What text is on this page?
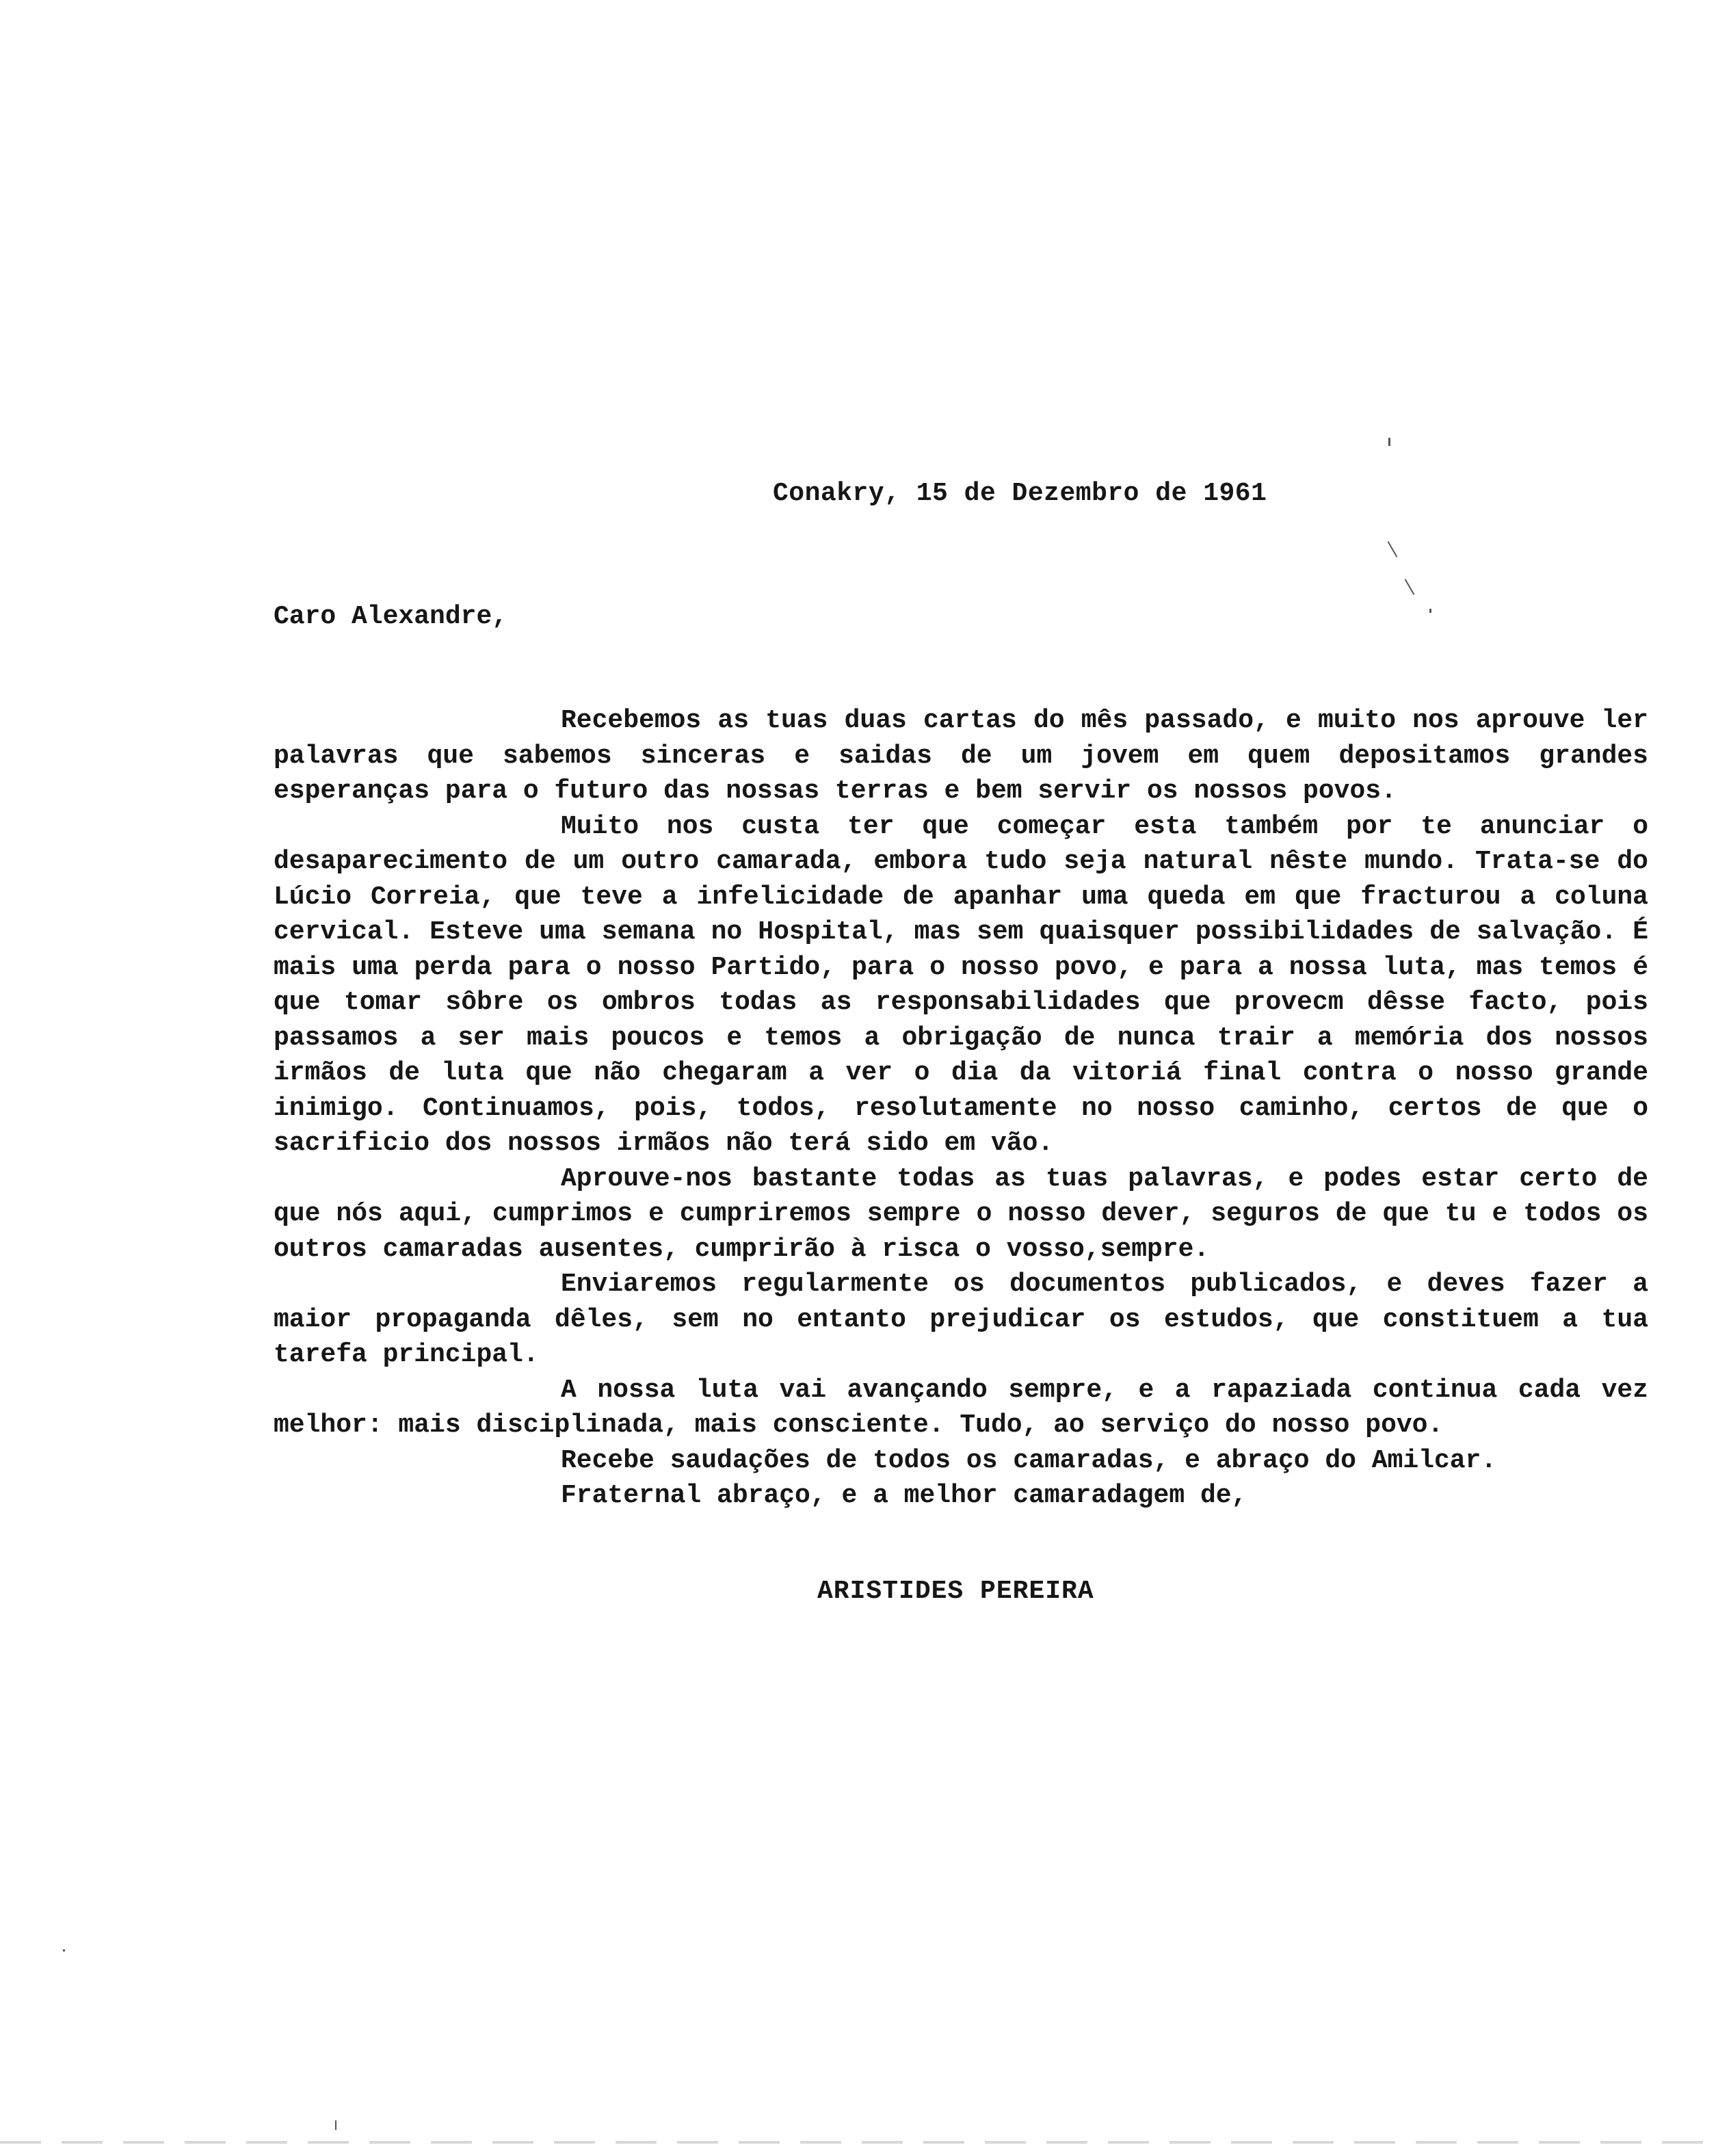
Conakry, 15 de Dezembro de 1961
Caro Alexandre,

Recebemos as tuas duas cartas do mês passado, e muito nos aprouve ler palavras que sabemos sinceras e saidas de um jovem em quem depositamos grandes esperanças para o futuro das nossas terras e bem servir os nossos povos.

Muito nos custa ter que começar esta também por te anunciar o desaparecimento de um outro camarada, embora tudo seja natural nêste mundo. Trata-se do Lúcio Correia, que teve a infelicidade de apanhar uma queda em que fracturou a coluna cervical. Esteve uma semana no Hospital, mas sem quaisquer possibilidades de salvação. É mais uma perda para o nosso Partido, para o nosso povo, e para a nossa luta, mas temos é que tomar sôbre os ombros todas as responsabilidades que provecm dêsse facto, pois passamos a ser mais poucos e temos a obrigação de nunca trair a memória dos nossos irmãos de luta que não chegaram a ver o dia da vitoriá final contra o nosso grande inimigo. Continuamos, pois, todos, resolutamente no nosso caminho, certos de que o sacrificio dos nossos irmãos não terá sido em vão.

Aprouve-nos bastante todas as tuas palavras, e podes estar certo de que nós aqui, cumprimos e cumpriremos sempre o nosso dever, seguros de que tu e todos os outros camaradas ausentes, cumprirão à risca o vosso,sempre.

Enviaremos regularmente os documentos publicados, e deves fazer a maior propaganda dêles, sem no entanto prejudicar os estudos, que constituem a tua tarefa principal.

A nossa luta vai avançando sempre, e a rapaziada continua cada vez melhor: mais disciplinada, mais consciente. Tudo, ao serviço do nosso povo.

Recebe saudações de todos os camaradas, e abraço do Amilcar.

Fraternal abraço, e a melhor camaradagem de,

ARISTIDES PEREIRA
